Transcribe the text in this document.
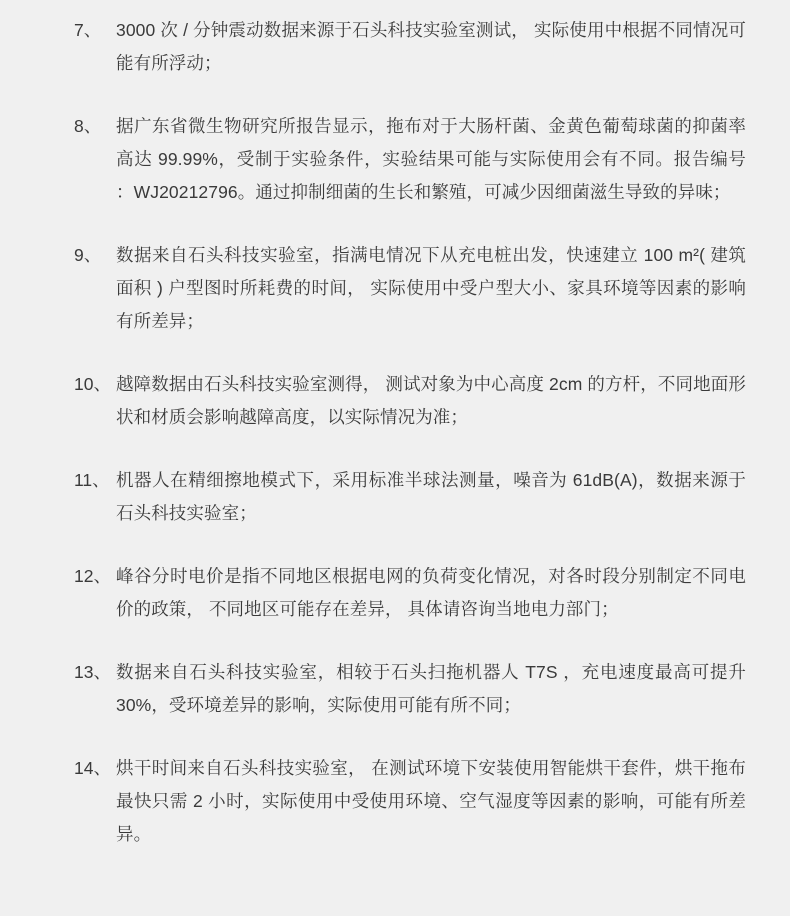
7、 3000 次 / 分钟震动数据来源于石头科技实验室测试， 实际使用中根据不同情况可能有所浮动；
8、 据广东省微生物研究所报告显示，拖布对于大肠杆菌、金黄色葡萄球菌的抑菌率高达 99.99%，受制于实验条件，实验结果可能与实际使用会有不同。报告编号 ：WJ20212796。通过抑制细菌的生长和繁殖，可减少因细菌滋生导致的异味；
9、 数据来自石头科技实验室，指满电情况下从充电桩出发，快速建立 100 m²( 建筑面积 ) 户型图时所耗费的时间， 实际使用中受户型大小、家具环境等因素的影响有所差异；
10、 越障数据由石头科技实验室测得， 测试对象为中心高度 2cm 的方杆，不同地面形状和材质会影响越障高度，以实际情况为准；
11、 机器人在精细擦地模式下，采用标准半球法测量，噪音为 61dB(A)，数据来源于石头科技实验室；
12、 峰谷分时电价是指不同地区根据电网的负荷变化情况，对各时段分别制定不同电价的政策， 不同地区可能存在差异， 具体请咨询当地电力部门；
13、 数据来自石头科技实验室，相较于石头扫拖机器人 T7S ，充电速度最高可提升 30%，受环境差异的影响，实际使用可能有所不同；
14、 烘干时间来自石头科技实验室， 在测试环境下安装使用智能烘干套件，烘干拖布最快只需 2 小时，实际使用中受使用环境、空气湿度等因素的影响，可能有所差异。
